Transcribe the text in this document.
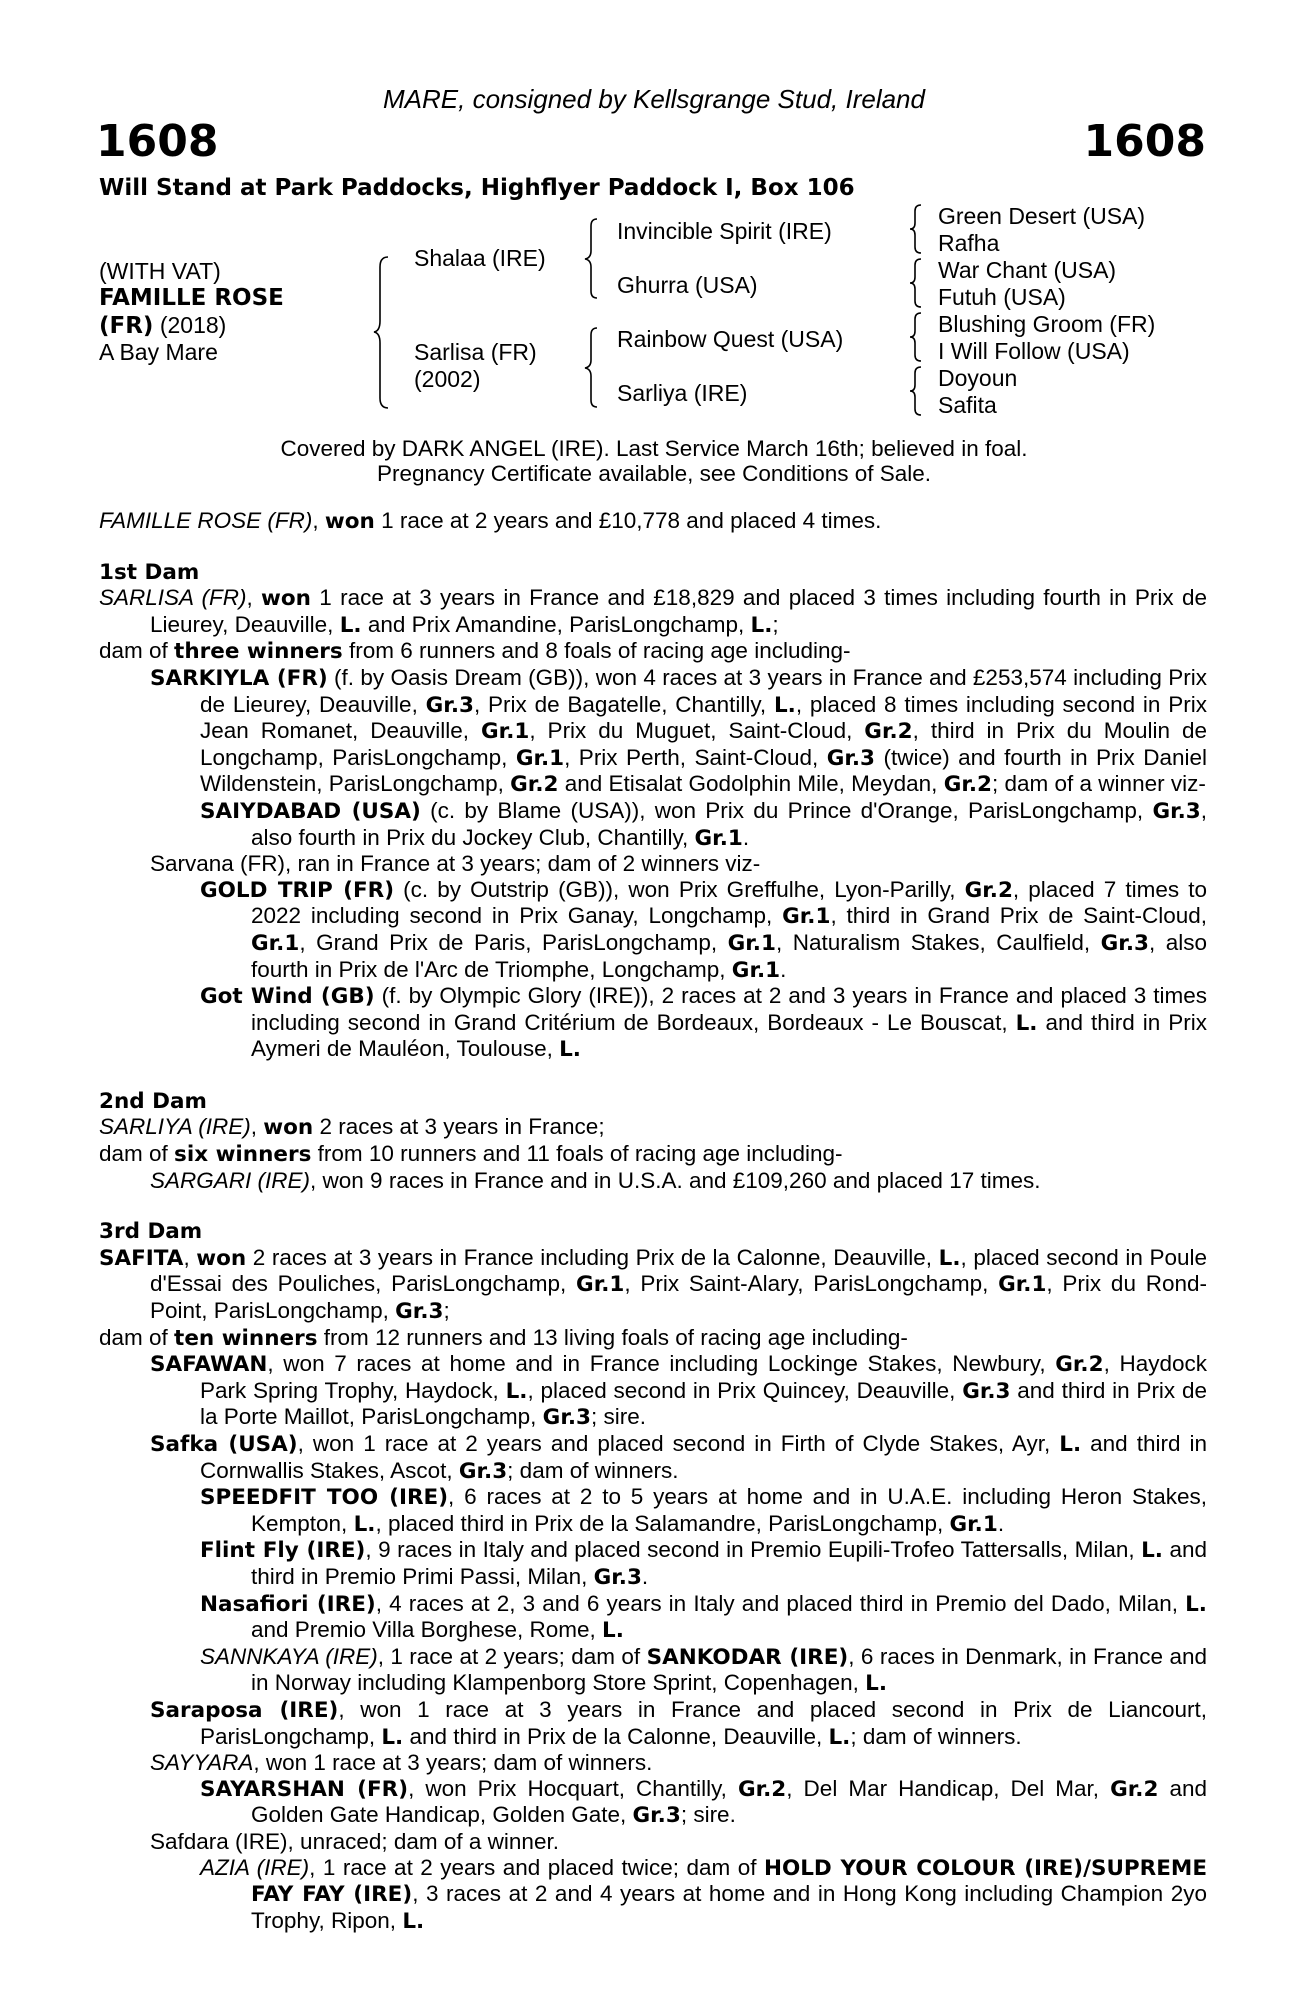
MARE, consigned by Kellsgrange Stud, Ireland
1608	1608
Will Stand at Park Paddocks, Highflyer Paddock I, Box 106
(WITH VAT)
FAMILLE ROSE
(FR) (2018)
A Bay Mare
Shalaa (IRE)
Sarlisa (FR)
(2002)
Invincible Spirit (IRE)
Ghurra (USA)
Rainbow Quest (USA)
Sarliya (IRE)
Green Desert (USA)
Rafha
War Chant (USA)
Futuh (USA)
Blushing Groom (FR)
I Will Follow (USA)
Doyoun
Safita
Covered by DARK ANGEL (IRE). Last Service March 16th; believed in foal.
Pregnancy Certificate available, see Conditions of Sale.

FAMILLE ROSE (FR), won 1 race at 2 years and £10,778 and placed 4 times.

1st Dam

SARLISA (FR), won 1 race at 3 years in France and £18,829 and placed 3 times including fourth in Prix de Lieurey, Deauville, L. and Prix Amandine, ParisLongchamp, L.;

dam of three winners from 6 runners and 8 foals of racing age including-

SARKIYLA (FR) (f. by Oasis Dream (GB)), won 4 races at 3 years in France and £253,574 including Prix de Lieurey, Deauville, Gr.3, Prix de Bagatelle, Chantilly, L., placed 8 times including second in Prix Jean Romanet, Deauville, Gr.1, Prix du Muguet, Saint-Cloud, Gr.2, third in Prix du Moulin de Longchamp, ParisLongchamp, Gr.1, Prix Perth, Saint-Cloud, Gr.3 (twice) and fourth in Prix Daniel Wildenstein, ParisLongchamp, Gr.2 and Etisalat Godolphin Mile, Meydan, Gr.2; dam of a winner viz-

SAIYDABAD (USA) (c. by Blame (USA)), won Prix du Prince d'Orange, ParisLongchamp, Gr.3, also fourth in Prix du Jockey Club, Chantilly, Gr.1.

Sarvana (FR), ran in France at 3 years; dam of 2 winners viz-

GOLD TRIP (FR) (c. by Outstrip (GB)), won Prix Greffulhe, Lyon-Parilly, Gr.2, placed 7 times to 2022 including second in Prix Ganay, Longchamp, Gr.1, third in Grand Prix de Saint-Cloud, Gr.1, Grand Prix de Paris, ParisLongchamp, Gr.1, Naturalism Stakes, Caulfield, Gr.3, also fourth in Prix de l'Arc de Triomphe, Longchamp, Gr.1.

Got Wind (GB) (f. by Olympic Glory (IRE)), 2 races at 2 and 3 years in France and placed 3 times including second in Grand Critérium de Bordeaux, Bordeaux - Le Bouscat, L. and third in Prix Aymeri de Mauléon, Toulouse, L.

2nd Dam

SARLIYA (IRE), won 2 races at 3 years in France;

dam of six winners from 10 runners and 11 foals of racing age including-

SARGARI (IRE), won 9 races in France and in U.S.A. and £109,260 and placed 17 times.

3rd Dam

SAFITA, won 2 races at 3 years in France including Prix de la Calonne, Deauville, L., placed second in Poule d'Essai des Pouliches, ParisLongchamp, Gr.1, Prix Saint-Alary, ParisLongchamp, Gr.1, Prix du Rond-Point, ParisLongchamp, Gr.3;

dam of ten winners from 12 runners and 13 living foals of racing age including-

SAFAWAN, won 7 races at home and in France including Lockinge Stakes, Newbury, Gr.2, Haydock Park Spring Trophy, Haydock, L., placed second in Prix Quincey, Deauville, Gr.3 and third in Prix de la Porte Maillot, ParisLongchamp, Gr.3; sire.

Safka (USA), won 1 race at 2 years and placed second in Firth of Clyde Stakes, Ayr, L. and third in Cornwallis Stakes, Ascot, Gr.3; dam of winners.

SPEEDFIT TOO (IRE), 6 races at 2 to 5 years at home and in U.A.E. including Heron Stakes, Kempton, L., placed third in Prix de la Salamandre, ParisLongchamp, Gr.1.

Flint Fly (IRE), 9 races in Italy and placed second in Premio Eupili-Trofeo Tattersalls, Milan, L. and third in Premio Primi Passi, Milan, Gr.3.

Nasafiori (IRE), 4 races at 2, 3 and 6 years in Italy and placed third in Premio del Dado, Milan, L. and Premio Villa Borghese, Rome, L.

SANNKAYA (IRE), 1 race at 2 years; dam of SANKODAR (IRE), 6 races in Denmark, in France and in Norway including Klampenborg Store Sprint, Copenhagen, L.

Saraposa (IRE), won 1 race at 3 years in France and placed second in Prix de Liancourt, ParisLongchamp, L. and third in Prix de la Calonne, Deauville, L.; dam of winners.

SAYYARA, won 1 race at 3 years; dam of winners.

SAYARSHAN (FR), won Prix Hocquart, Chantilly, Gr.2, Del Mar Handicap, Del Mar, Gr.2 and Golden Gate Handicap, Golden Gate, Gr.3; sire.

Safdara (IRE), unraced; dam of a winner.

AZIA (IRE), 1 race at 2 years and placed twice; dam of HOLD YOUR COLOUR (IRE)/SUPREME FAY FAY (IRE), 3 races at 2 and 4 years at home and in Hong Kong including Champion 2yo Trophy, Ripon, L.
